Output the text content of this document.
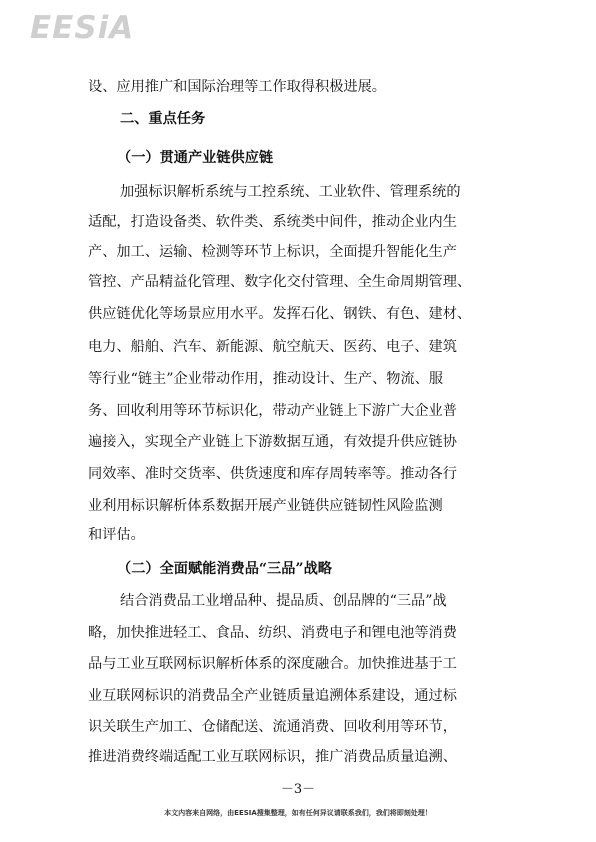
EESiA
设、应用推广和国际治理等工作取得积极进展。
二、重点任务
（一）贯通产业链供应链
加强标识解析系统与工控系统、工业软件、管理系统的
适配，打造设备类、软件类、系统类中间件，推动企业内生
产、加工、运输、检测等环节上标识，全面提升智能化生产
管控、产品精益化管理、数字化交付管理、全生命周期管理、
供应链优化等场景应用水平。发挥石化、钢铁、有色、建材、
电力、船舶、汽车、新能源、航空航天、医药、电子、建筑
等行业“链主”企业带动作用，推动设计、生产、物流、服
务、回收利用等环节标识化，带动产业链上下游广大企业普
遍接入，实现全产业链上下游数据互通，有效提升供应链协
同效率、准时交货率、供货速度和库存周转率等。推动各行
业利用标识解析体系数据开展产业链供应链韧性风险监测
和评估。
（二）全面赋能消费品“三品”战略
结合消费品工业增品种、提品质、创品牌的“三品”战
略，加快推进轻工、食品、纺织、消费电子和锂电池等消费
品与工业互联网标识解析体系的深度融合。加快推进基于工
业互联网标识的消费品全产业链质量追溯体系建设，通过标
识关联生产加工、仓储配送、流通消费、回收利用等环节，
推进消费终端适配工业互联网标识，推广消费品质量追溯、
－3－
本文内容来自网络，由EESIA搜集整理，如有任何异议请联系我们，我们将即刻处理！
